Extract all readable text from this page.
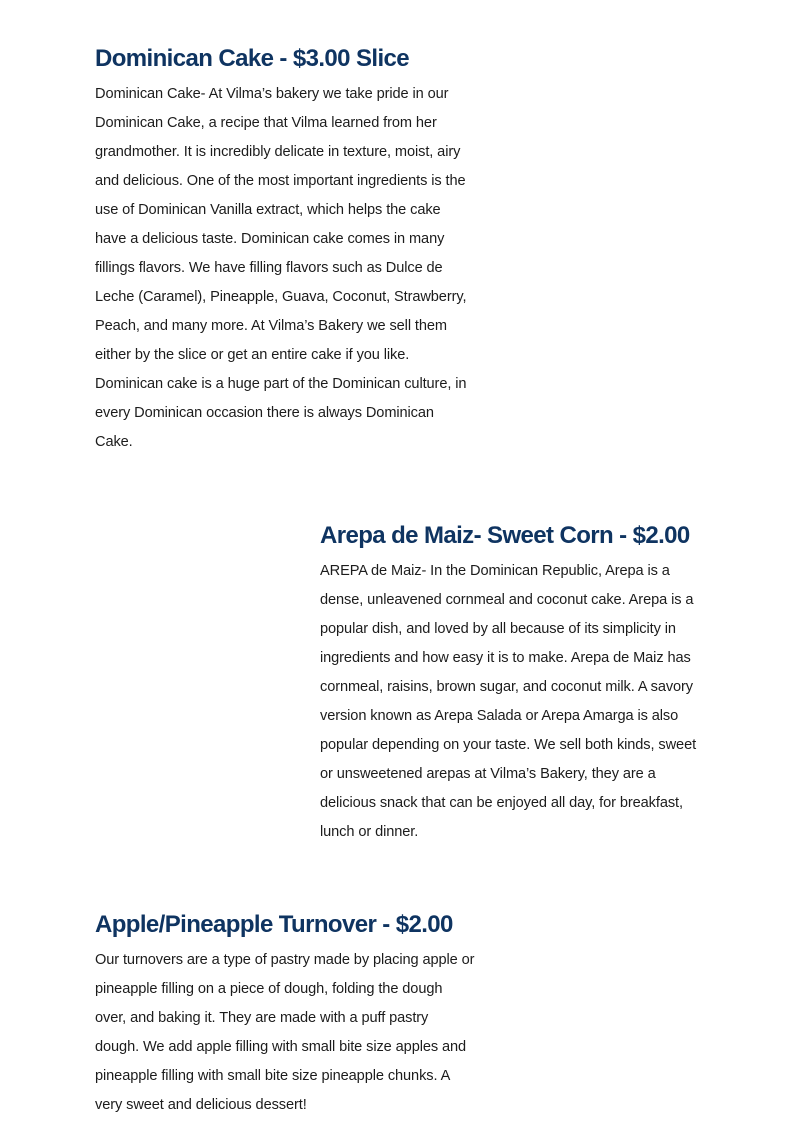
Dominican Cake - $3.00 Slice

Dominican Cake- At Vilma’s bakery we take pride in our Dominican Cake, a recipe that Vilma learned from her grandmother. It is incredibly delicate in texture, moist, airy and delicious. One of the most important ingredients is the use of Dominican Vanilla extract, which helps the cake have a delicious taste. Dominican cake comes in many fillings flavors. We have filling flavors such as Dulce de Leche (Caramel), Pineapple, Guava, Coconut, Strawberry, Peach, and many more. At Vilma’s Bakery we sell them either by the slice or get an entire cake if you like. Dominican cake is a huge part of the Dominican culture, in every Dominican occasion there is always Dominican Cake.

Arepa de Maiz- Sweet Corn - $2.00

AREPA de Maiz- In the Dominican Republic, Arepa is a dense, unleavened cornmeal and coconut cake. Arepa is a popular dish, and loved by all because of its simplicity in ingredients and how easy it is to make. Arepa de Maiz has cornmeal, raisins, brown sugar, and coconut milk. A savory version known as Arepa Salada or Arepa Amarga is also popular depending on your taste. We sell both kinds, sweet or unsweetened arepas at Vilma’s Bakery, they are a delicious snack that can be enjoyed all day, for breakfast, lunch or dinner.

Apple/Pineapple Turnover - $2.00

Our turnovers are a type of pastry made by placing apple or pineapple filling on a piece of dough, folding the dough over, and baking it. They are made with a puff pastry dough. We add apple filling with small bite size apples and pineapple filling with small bite size pineapple chunks. A very sweet and delicious dessert!
